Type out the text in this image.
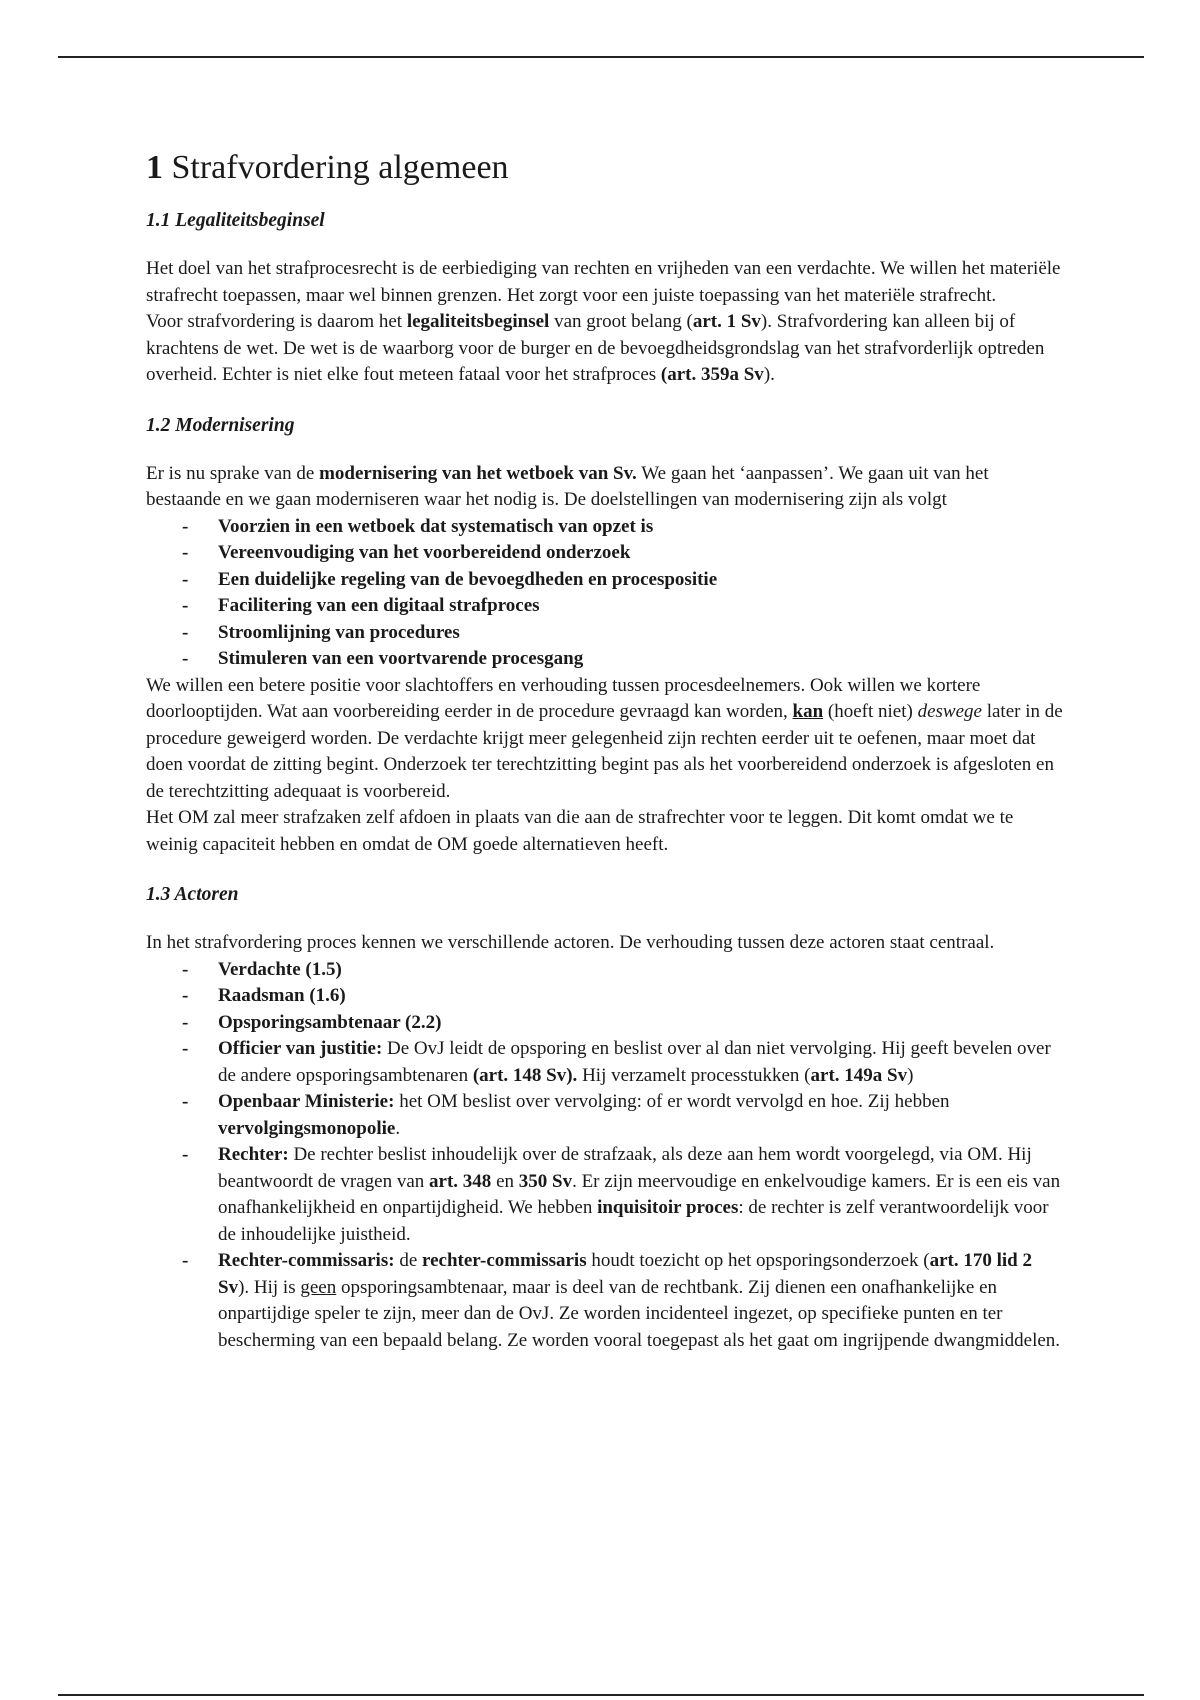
1 Strafvordering algemeen
1.1 Legaliteitsbeginsel

Het doel van het strafprocesrecht is de eerbiediging van rechten en vrijheden van een verdachte. We willen het materiële strafrecht toepassen, maar wel binnen grenzen. Het zorgt voor een juiste toepassing van het materiële strafrecht.

Voor strafvordering is daarom het legaliteitsbeginsel van groot belang (art. 1 Sv). Strafvordering kan alleen bij of krachtens de wet. De wet is de waarborg voor de burger en de bevoegdheidsgrondslag van het strafvorderlijk optreden overheid. Echter is niet elke fout meteen fataal voor het strafproces (art. 359a Sv).

1.2 Modernisering

Er is nu sprake van de modernisering van het wetboek van Sv. We gaan het ‘aanpassen’. We gaan uit van het bestaande en we gaan moderniseren waar het nodig is. De doelstellingen van modernisering zijn als volgt

- Voorzien in een wetboek dat systematisch van opzet is
- Vereenvoudiging van het voorbereidend onderzoek
- Een duidelijke regeling van de bevoegdheden en procespositie
- Facilitering van een digitaal strafproces
- Stroomlijning van procedures
- Stimuleren van een voortvarende procesgang

We willen een betere positie voor slachtoffers en verhouding tussen procesdeelnemers. Ook willen we kortere doorlooptijden. Wat aan voorbereiding eerder in de procedure gevraagd kan worden, kan (hoeft niet) deswege later in de procedure geweigerd worden. De verdachte krijgt meer gelegenheid zijn rechten eerder uit te oefenen, maar moet dat doen voordat de zitting begint. Onderzoek ter terechtzitting begint pas als het voorbereidend onderzoek is afgesloten en de terechtzitting adequaat is voorbereid.

Het OM zal meer strafzaken zelf afdoen in plaats van die aan de strafrechter voor te leggen. Dit komt omdat we te weinig capaciteit hebben en omdat de OM goede alternatieven heeft.

1.3 Actoren

In het strafvordering proces kennen we verschillende actoren. De verhouding tussen deze actoren staat centraal.

- Verdachte (1.5)
- Raadsman (1.6)
- Opsporingsambtenaar (2.2)
- Officier van justitie: De OvJ leidt de opsporing en beslist over al dan niet vervolging. Hij geeft bevelen over de andere opsporingsambtenaren (art. 148 Sv). Hij verzamelt processtukken (art. 149a Sv)
- Openbaar Ministerie: het OM beslist over vervolging: of er wordt vervolgd en hoe. Zij hebben vervolgingsmonopolie.
- Rechter: De rechter beslist inhoudelijk over de strafzaak, als deze aan hem wordt voorgelegd, via OM. Hij beantwoordt de vragen van art. 348 en 350 Sv. Er zijn meervoudige en enkelvoudige kamers. Er is een eis van onafhankelijkheid en onpartijdigheid. We hebben inquisitoir proces: de rechter is zelf verantwoordelijk voor de inhoudelijke juistheid.
- Rechter-commissaris: de rechter-commissaris houdt toezicht op het opsporingsonderzoek (art. 170 lid 2 Sv). Hij is geen opsporingsambtenaar, maar is deel van de rechtbank. Zij dienen een onafhankelijke en onpartijdige speler te zijn, meer dan de OvJ. Ze worden incidenteel ingezet, op specifieke punten en ter bescherming van een bepaald belang. Ze worden vooral toegepast als het gaat om ingrijpende dwangmiddelen.
